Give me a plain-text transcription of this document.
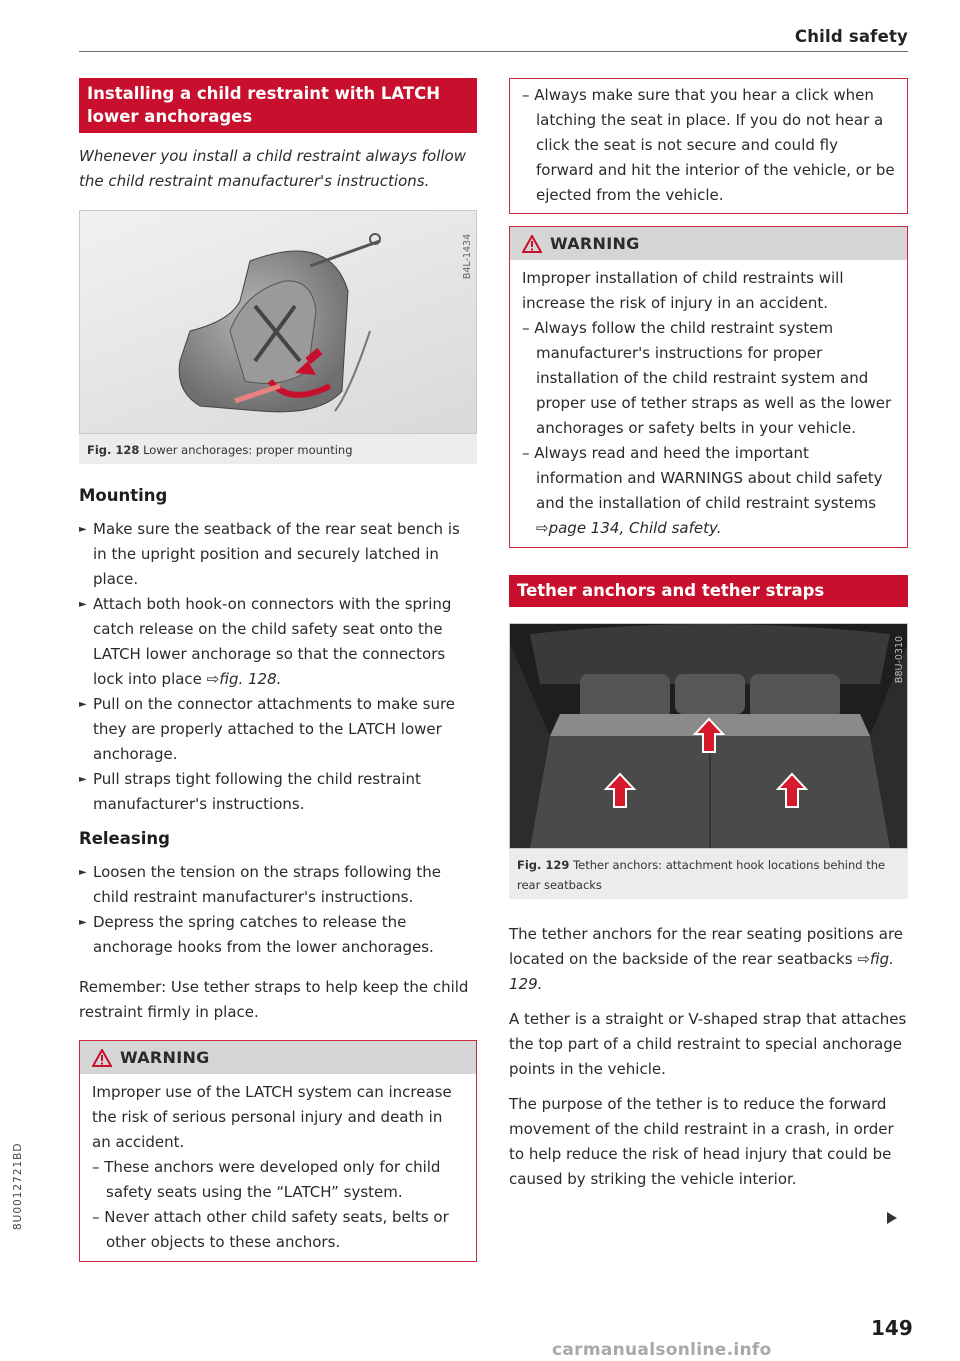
Child safety
Installing a child restraint with LATCH lower anchorages
Whenever you install a child restraint always follow the child restraint manufacturer's instructions.
B4L-1434
Fig. 128 Lower anchorages: proper mounting
Mounting
► Make sure the seatback of the rear seat bench is in the upright position and securely latched in place.
► Attach both hook-on connectors with the spring catch release on the child safety seat onto the LATCH lower anchorage so that the connectors lock into place ⇨fig. 128.
► Pull on the connector attachments to make sure they are properly attached to the LATCH lower anchorage.
► Pull straps tight following the child restraint manufacturer's instructions.
Releasing
► Loosen the tension on the straps following the child restraint manufacturer's instructions.
► Depress the spring catches to release the anchorage hooks from the lower anchorages.
Remember: Use tether straps to help keep the child restraint firmly in place.
WARNING
Improper use of the LATCH system can increase the risk of serious personal injury and death in an accident.
– These anchors were developed only for child safety seats using the “LATCH” system.
– Never attach other child safety seats, belts or other objects to these anchors.
– Always make sure that you hear a click when latching the seat in place. If you do not hear a click the seat is not secure and could fly forward and hit the interior of the vehicle, or be ejected from the vehicle.
WARNING
Improper installation of child restraints will increase the risk of injury in an accident.
– Always follow the child restraint system manufacturer's instructions for proper installation of the child restraint system and proper use of tether straps as well as the lower anchorages or safety belts in your vehicle.
– Always read and heed the important information and WARNINGS about child safety and the installation of child restraint systems ⇨page 134, Child safety.
Tether anchors and tether straps
B8U-0310
Fig. 129 Tether anchors: attachment hook locations behind the rear seatbacks
The tether anchors for the rear seating positions are located on the backside of the rear seatbacks ⇨fig. 129.
A tether is a straight or V-shaped strap that attaches the top part of a child restraint to special anchorage points in the vehicle.
The purpose of the tether is to reduce the forward movement of the child restraint in a crash, in order to help reduce the risk of head injury that could be caused by striking the vehicle interior.
149
8U0012721BD
carmanualsonline.info
